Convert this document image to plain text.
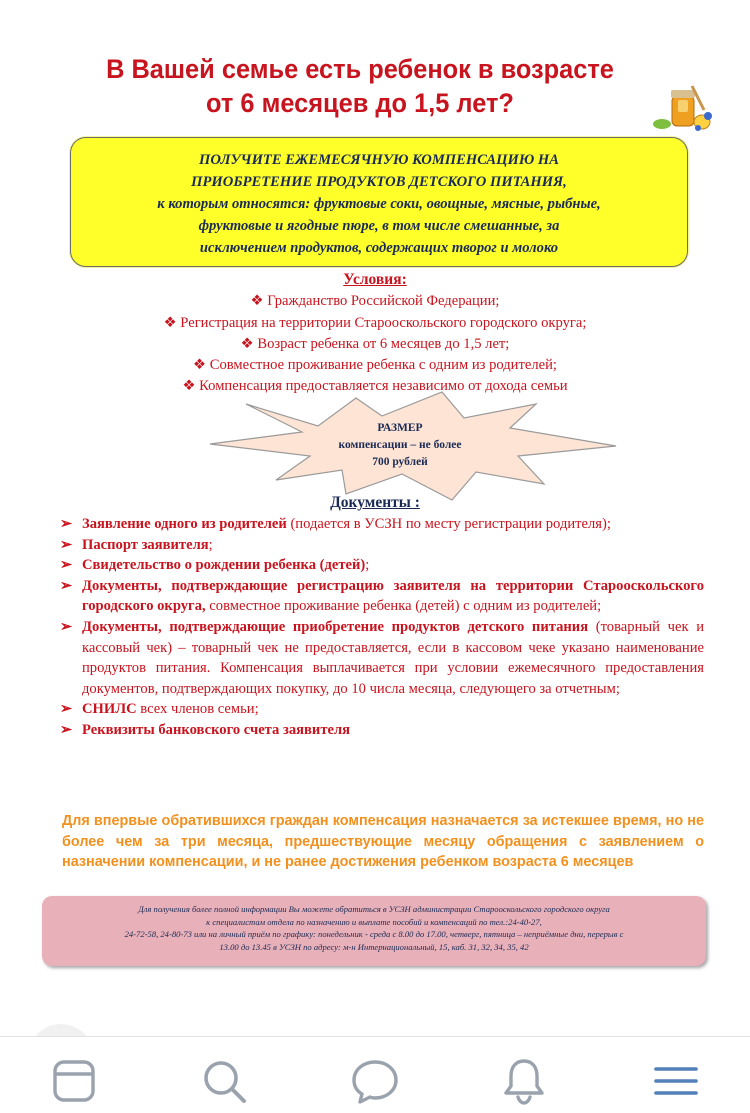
В Вашей семье есть ребенок в возрасте
от 6 месяцев до 1,5 лет?
ПОЛУЧИТЕ ЕЖЕМЕСЯЧНУЮ КОМПЕНСАЦИЮ НА
ПРИОБРЕТЕНИЕ ПРОДУКТОВ ДЕТСКОГО ПИТАНИЯ,
к которым относятся: фруктовые соки, овощные, мясные, рыбные,
фруктовые и ягодные пюре, в том числе смешанные, за
исключением продуктов, содержащих творог и молоко
Условия:
❖ Гражданство Российской Федерации;
❖ Регистрация на территории Старооскольского городского округа;
❖ Возраст ребенка от 6 месяцев до 1,5 лет;
❖ Совместное проживание ребенка с одним из родителей;
❖ Компенсация предоставляется независимо от дохода семьи
РАЗМЕР
компенсации – не более
700 рублей
Документы :
➢ Заявление одного из родителей (подается в УСЗН по месту регистрации родителя);
➢ Паспорт заявителя;
➢ Свидетельство о рождении ребенка (детей);
➢ Документы, подтверждающие регистрацию заявителя на территории Старооскольского городского округа, совместное проживание ребенка (детей) с одним из родителей;
➢ Документы, подтверждающие приобретение продуктов детского питания (товарный чек и кассовый чек) – товарный чек не предоставляется, если в кассовом чеке указано наименование продуктов питания. Компенсация выплачивается при условии ежемесячного предоставления документов, подтверждающих покупку, до 10 числа месяца, следующего за отчетным;
➢ СНИЛС всех членов семьи;
➢ Реквизиты банковского счета заявителя
Для впервые обратившихся граждан компенсация назначается за истекшее время, но не более чем за три месяца, предшествующие месяцу обращения с заявлением о назначении компенсации, и не ранее достижения ребенком возраста 6 месяцев
Для получения более полной информации Вы можете обратиться в УСЗН администрации Старооскольского городского округа
к специалистам отдела по назначению и выплате пособий и компенсаций по тел.:24-40-27,
24-72-58, 24-80-73 или на личный приём по графику: понедельник - среда с 8.00 до 17.00, четверг, пятница – неприёмные дни, перерыв с
13.00 до 13.45 в УСЗН по адресу: м-н Интернациональный, 15, каб. 31, 32, 34, 35, 42
